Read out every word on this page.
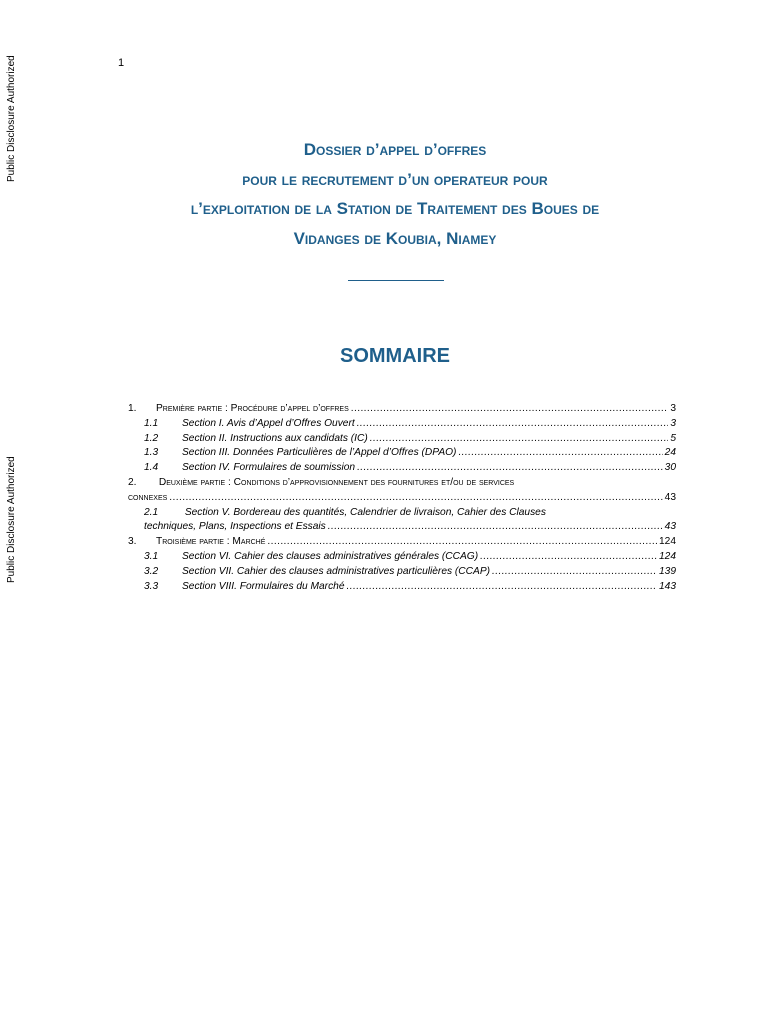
Public Disclosure Authorized
Public Disclosure Authorized
1
Dossier d’appel d’offres
pour le recrutement d’un operateur pour
l’exploitation de la Station de Traitement des Boues de
Vidanges de Koubia, Niamey
SOMMAIRE
1.	Première partie : Procédure d’appel d’offres .....	3
1.1	Section I. Avis d’Appel d’Offres Ouvert .....	3
1.2	Section II. Instructions aux candidats (IC) .....	5
1.3	Section III. Données Particulières de l’Appel d’Offres (DPAO) .....	24
1.4	Section IV. Formulaires de soumission .....	30
2. Deuxième partie : Conditions d’approvisionnement des fournitures et/ou de services
connexes .....	43
2.1	Section V. Bordereau des quantités, Calendrier de livraison, Cahier des Clauses
techniques, Plans, Inspections et Essais .....	43
3.	Troisième partie : Marché .....	124
3.1	Section VI. Cahier des clauses administratives générales (CCAG) .....	124
3.2	Section VII. Cahier des clauses administratives particulières (CCAP) .....	139
3.3	Section VIII. Formulaires du Marché .....	143
